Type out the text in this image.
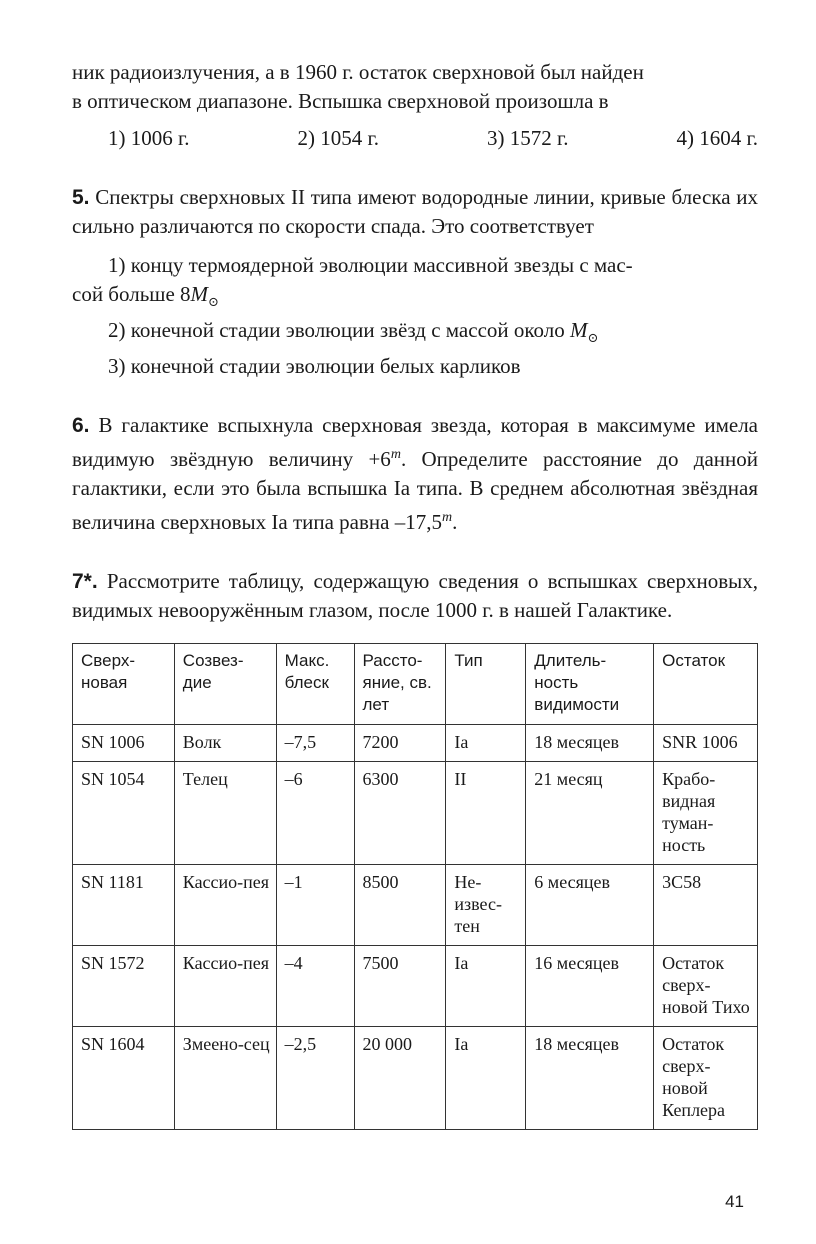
ник радиоизлучения, а в 1960 г. остаток сверхновой был найден

в оптическом диапазоне. Вспышка сверхновой произошла в

1) 1006 г.	2) 1054 г.	3) 1572 г.	4) 1604 г.

5. Спектры сверхновых II типа имеют водородные линии, кривые блеска их сильно различаются по скорости спада. Это соответствует

1) концу термоядерной эволюции массивной звезды с мас-
сой больше $8M_⊙$
2) конечной стадии эволюции звёзд с массой около $M_⊙$
3) конечной стадии эволюции белых карликов

6. В галактике вспыхнула сверхновая звезда, которая в максимуме имела видимую звёздную величину $+6^m$. Определите расстояние до данной галактики, если это была вспышка Ia типа. В среднем абсолютная звёздная величина сверхновых Ia типа равна –17,5$^m$.

7*. Рассмотрите таблицу, содержащую сведения о вспышках сверхновых, видимых невооружённым глазом, после 1000 г. в нашей Галактике.

Сверх-новая	Созвез-дие	Макс. блеск	Рассто-яние, св. лет	Тип	Длитель-ность видимости	Остаток
SN 1006	Волк	–7,5	7200	Ia	18 месяцев	SNR 1006
SN 1054	Телец	–6	6300	II	21 месяц	Крабо-видная туман-ность
SN 1181	Кассио-пея	–1	8500	Не-извес-тен	6 месяцев	3C58
SN 1572	Кассио-пея	–4	7500	Ia	16 месяцев	Остаток сверх-новой Тихо
SN 1604	Змеено-сец	–2,5	20 000	Ia	18 месяцев	Остаток сверх-новой Кеплера
41
